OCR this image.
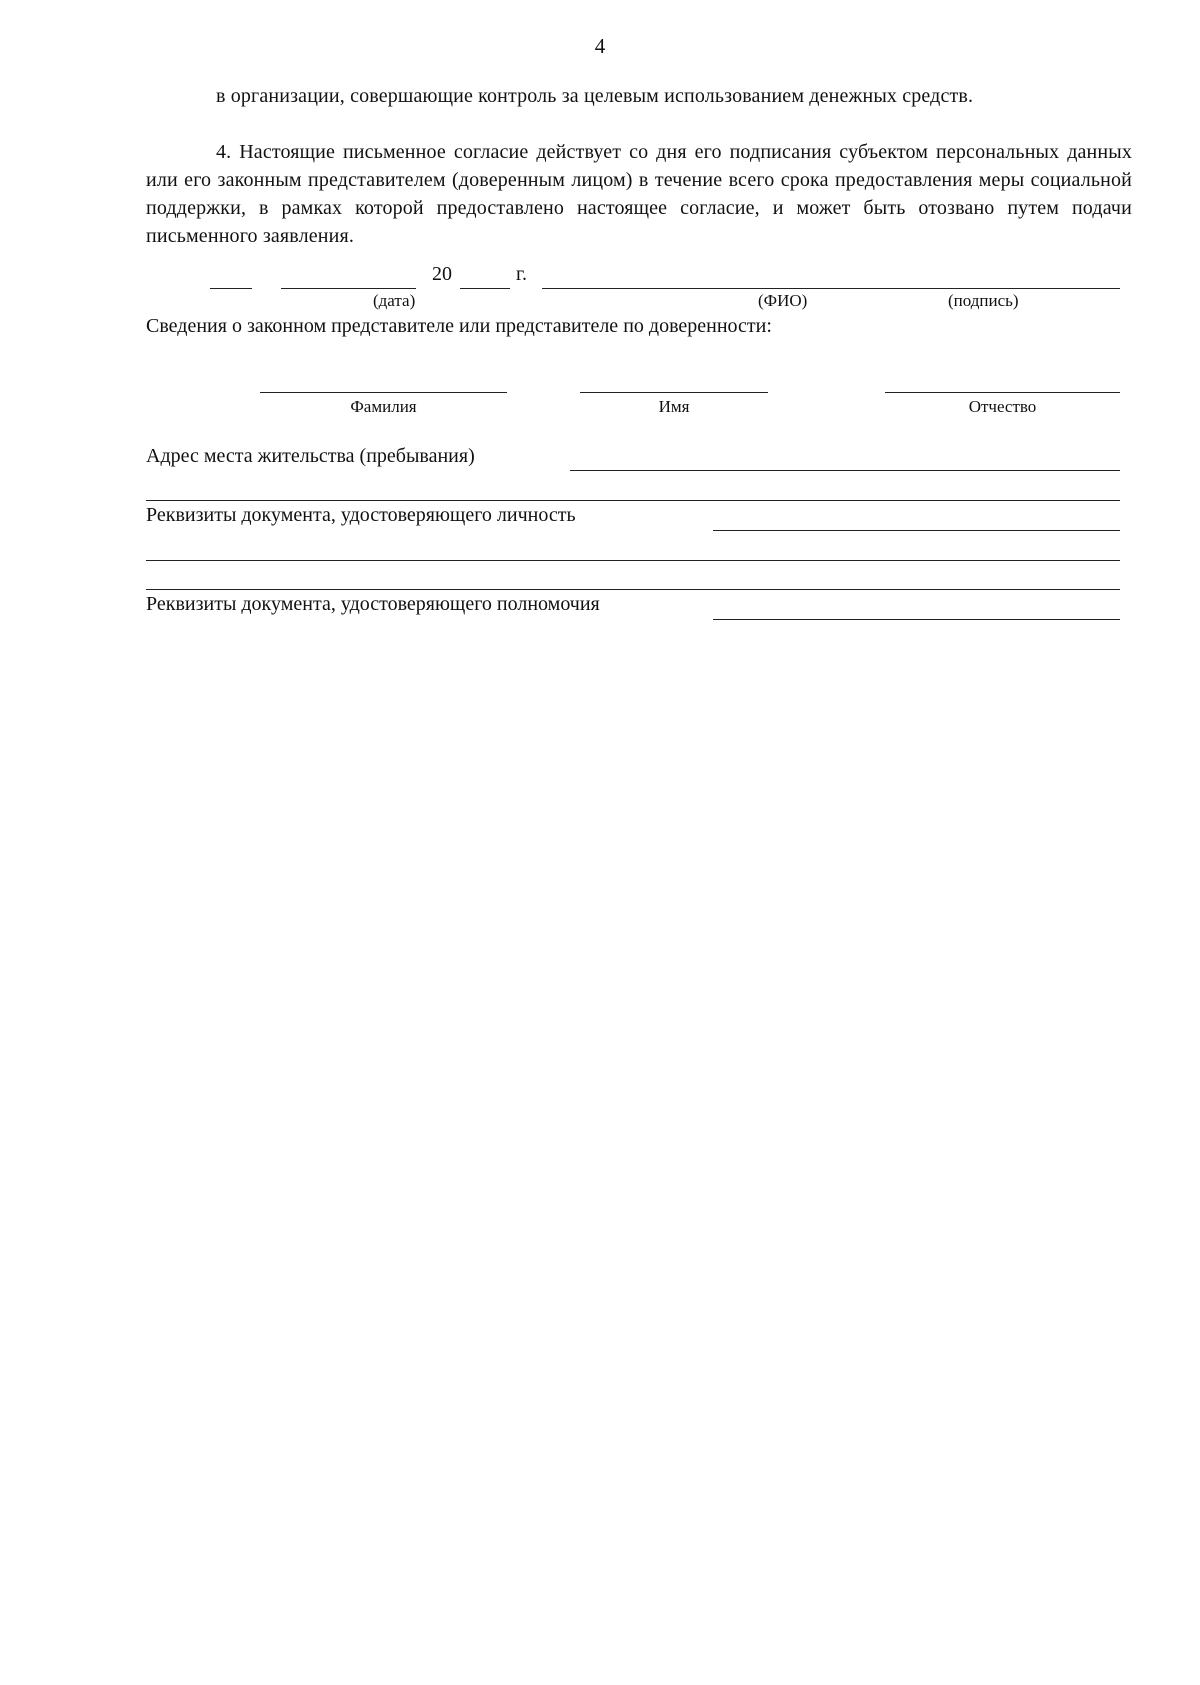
4
в организации, совершающие контроль за целевым использованием денежных средств.
4. Настоящие письменное согласие действует со дня его подписания субъектом персональных данных или его законным представителем (доверенным лицом) в течение всего срока предоставления меры социальной поддержки, в рамках которой предоставлено настоящее согласие, и может быть отозвано путем подачи письменного заявления.
20	г.
(дата)	(ФИО)	(подпись)
Сведения о законном представителе или представителе по доверенности:
Фамилия	Имя	Отчество
Адрес места жительства (пребывания)
Реквизиты документа, удостоверяющего личность
Реквизиты документа, удостоверяющего полномочия
